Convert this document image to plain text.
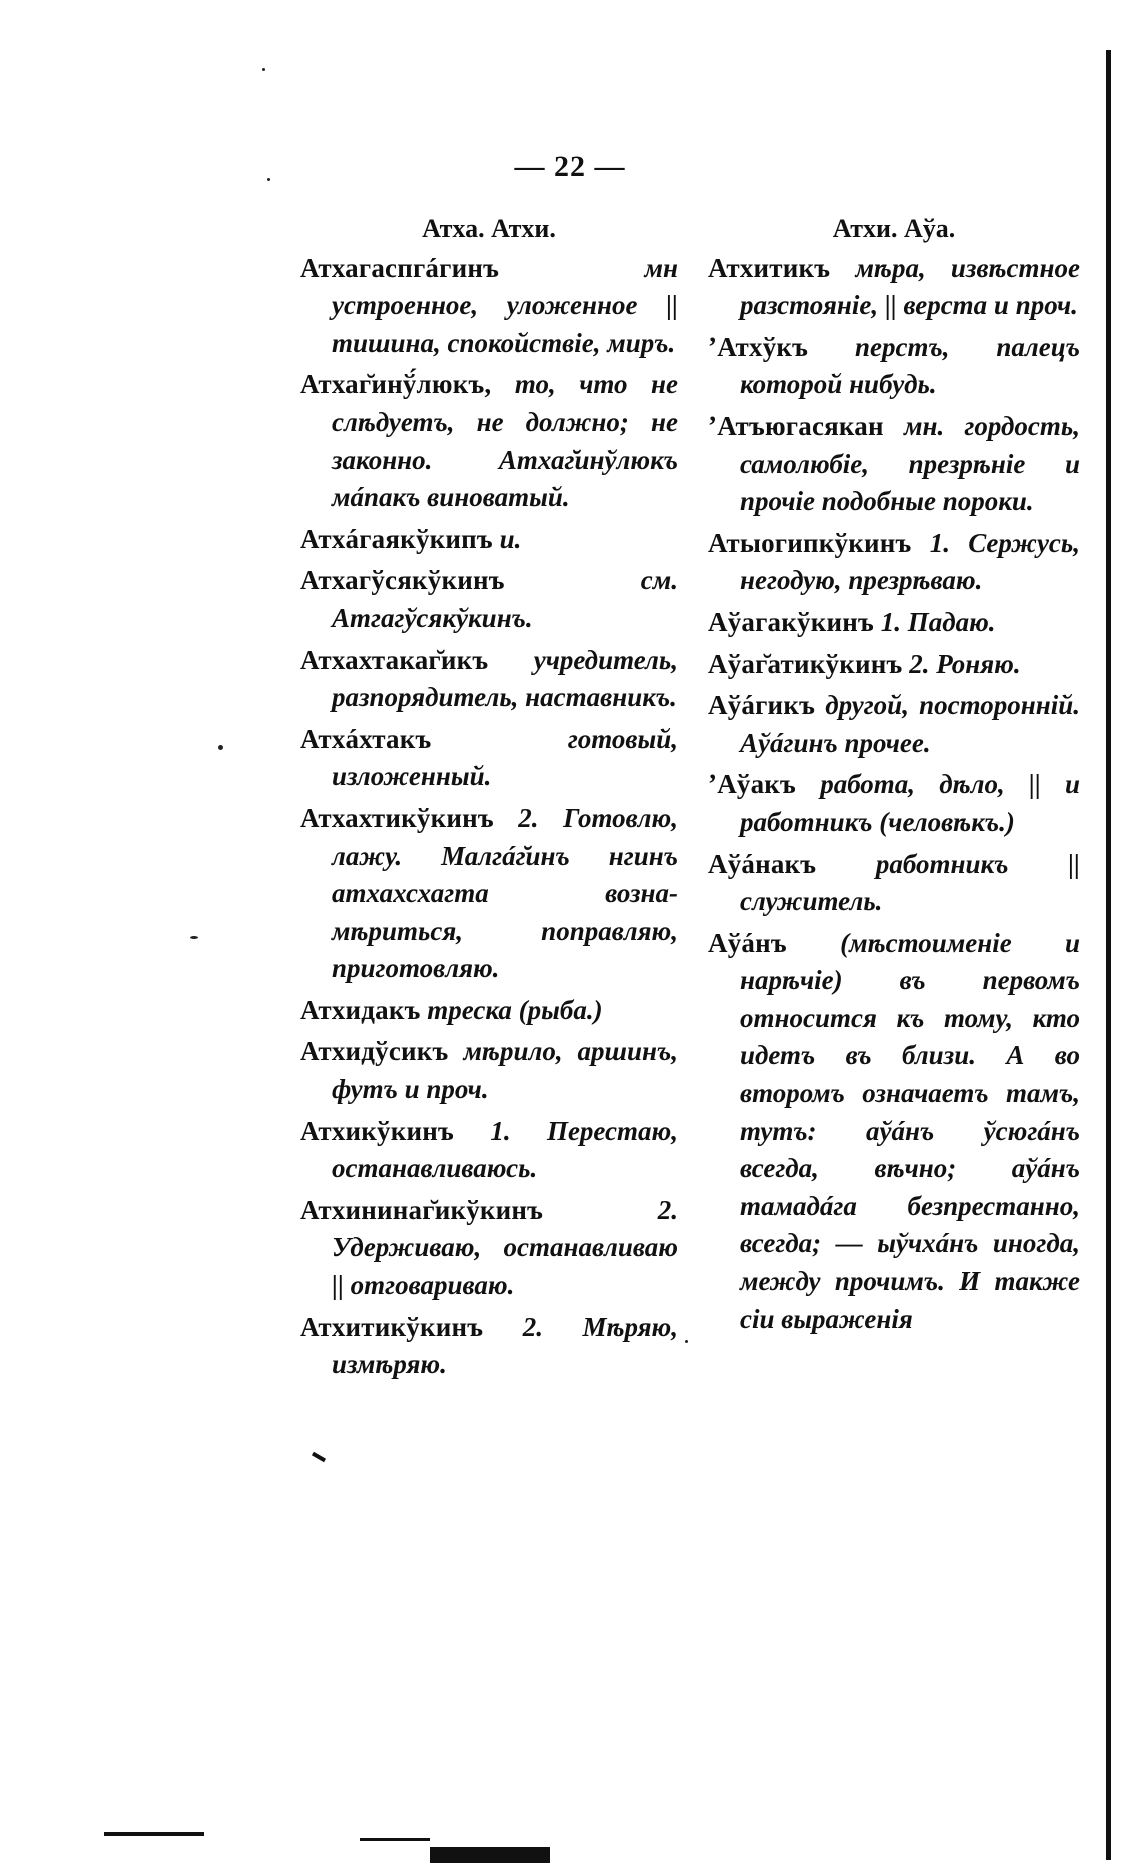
— 22 —
Атха. Атхи.
Атхагаспгáгинъ	мн устроенное, уложенное || тишина, спокойствiе, миръ.
Атхаг̆инў́люкъ, то, что не слѣдуетъ, не должно; не законно. Атхаг̆инўлюкъ мáпакъ виноватый.
Атхáгаякўкипъ и.
Атхагўсякўкинъ	см. Атгагўсякўкинъ.
Атхахтакаг̆икъ учредитель, разпорядитель, наставникъ.
Атхáхтакъ	готовый, изложенный.
Атхахтикўкинъ 2. Готовлю, лажу. Малгáг̆инъ нгинъ атхахсхагта возна-мѣриться, поправляю, приготовляю.
Атхидакъ треска (рыба.)
Атхидўсикъ мѣрило, аршинъ, футъ и проч.
Атхикўкинъ 1. Перестаю, останавливаюсь.
Атхининаг̆икўкинъ	2. Удерживаю, останавливаю || отговариваю.
Атхитикўкинъ 2. Мѣряю, измѣряю.
Атхи. Аўа.
Атхитикъ мѣра, извѣстное разстоянiе, || верста и проч.
ʼАтхўкъ перстъ, палецъ которой нибудь.
ʼАтъюгасякан мн. гордость, самолюбiе, презрѣнiе и прочiе подобные пороки.
Атыогипкўкинъ 1. Сержусь, негодую, презрѣваю.
Аўагакўкинъ 1. Падаю.
Аўаг̆атикўкинъ 2. Роняю.
Аўáгикъ другой, посторонній. Аўáгинъ прочее.
ʼАўакъ работа, дѣло, || и работникъ (человѣкъ.)
Аўáнакъ работникъ || служитель.
Аўáнъ (мѣстоименiе и нарѣчiе) въ первомъ относится къ тому, кто идетъ въ близи. А во второмъ означаетъ тамъ, тутъ: аўáнъ ўсюгáнъ всегда, вѣчно; аўáнъ тамадáга безпрестанно, всегда; — ыўчхáнъ иногда, между прочимъ. И также сiи выраженiя
